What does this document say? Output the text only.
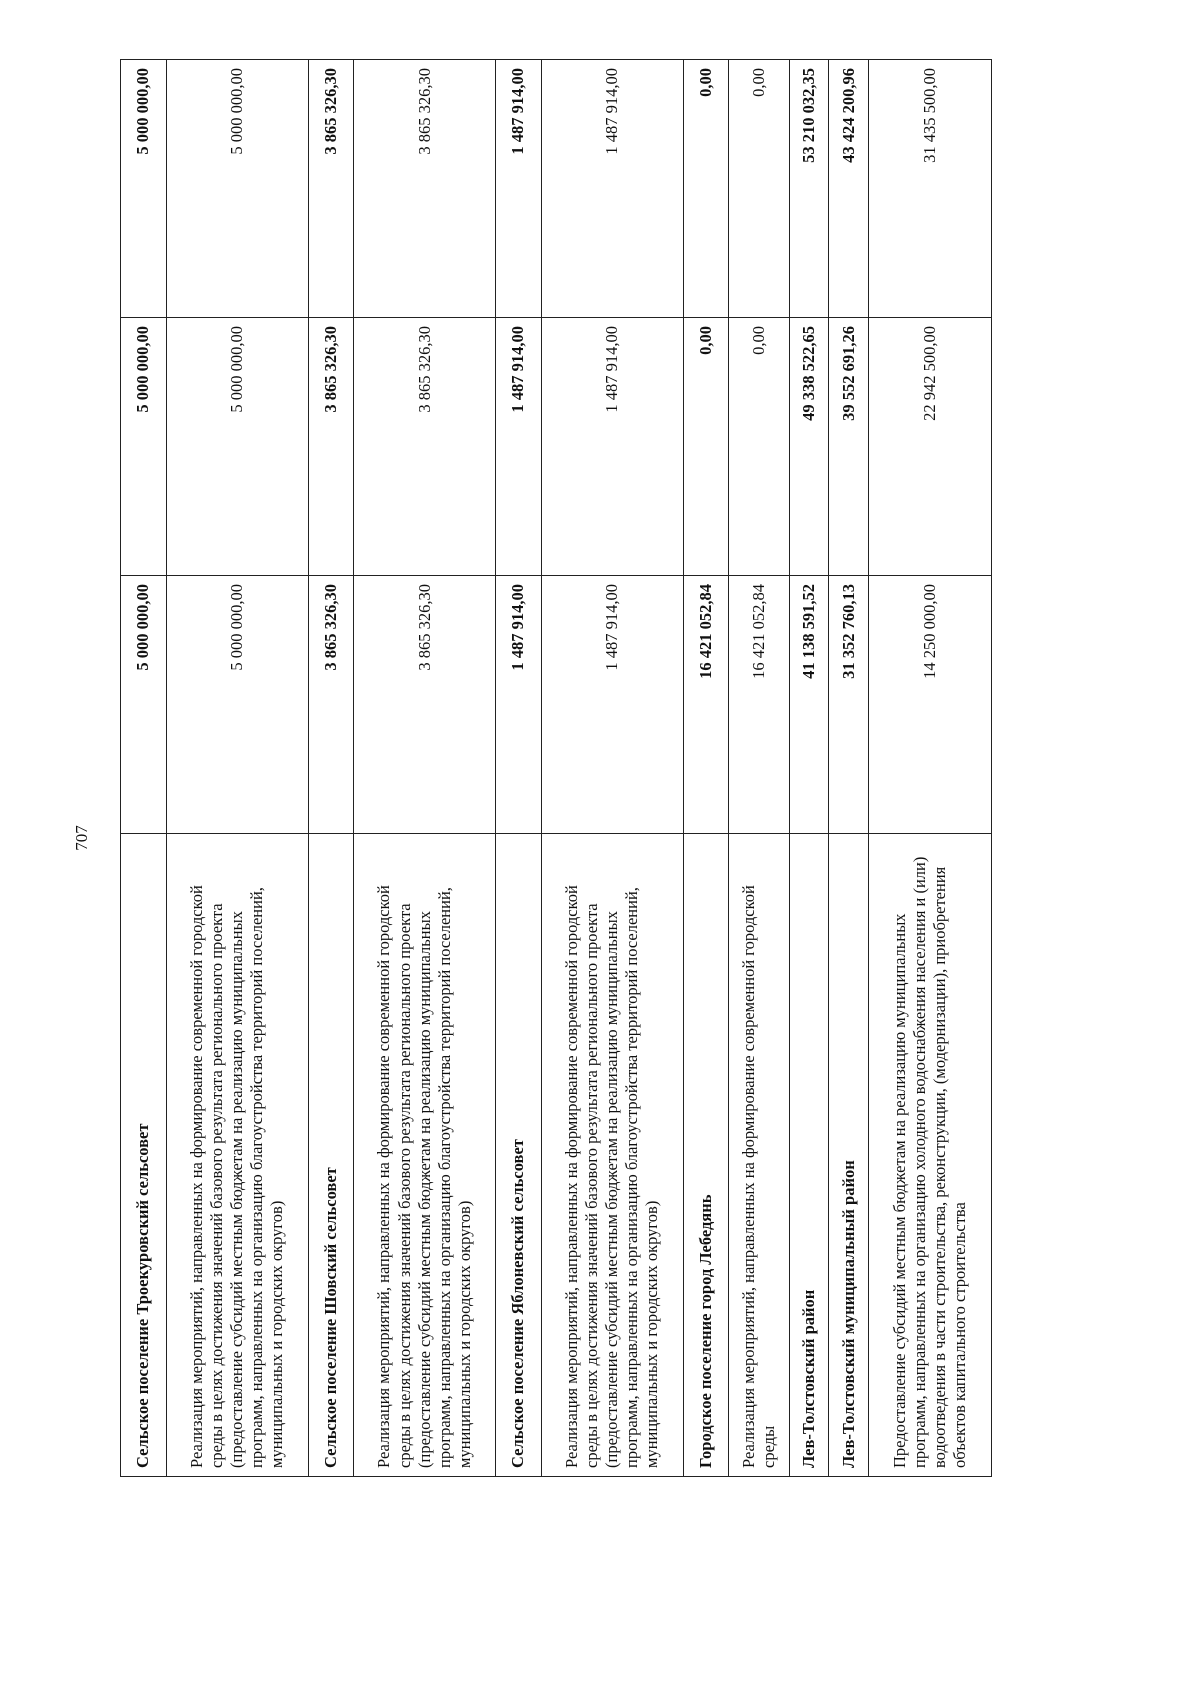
707
Сельское поселение Троекуровский сельсовет	5 000 000,00	5 000 000,00	5 000 000,00
Реализация мероприятий, направленных на формирование современной городской среды в целях достижения значений базового результата регионального проекта (предоставление субсидий местным бюджетам на реализацию муниципальных программ, направленных на организацию благоустройства территорий поселений, муниципальных и городских округов)	5 000 000,00	5 000 000,00	5 000 000,00
Сельское поселение Шовский сельсовет	3 865 326,30	3 865 326,30	3 865 326,30
Реализация мероприятий, направленных на формирование современной городской среды в целях достижения значений базового результата регионального проекта (предоставление субсидий местным бюджетам на реализацию муниципальных программ, направленных на организацию благоустройства территорий поселений, муниципальных и городских округов)	3 865 326,30	3 865 326,30	3 865 326,30
Сельское поселение Яблоневский сельсовет	1 487 914,00	1 487 914,00	1 487 914,00
Реализация мероприятий, направленных на формирование современной городской среды в целях достижения значений базового результата регионального проекта (предоставление субсидий местным бюджетам на реализацию муниципальных программ, направленных на организацию благоустройства территорий поселений, муниципальных и городских округов)	1 487 914,00	1 487 914,00	1 487 914,00
Городское поселение город Лебедянь	16 421 052,84	0,00	0,00
Реализация мероприятий, направленных на формирование современной городской среды	16 421 052,84	0,00	0,00
Лев-Толстовский район	41 138 591,52	49 338 522,65	53 210 032,35
Лев-Толстовский муниципальный район	31 352 760,13	39 552 691,26	43 424 200,96
Предоставление субсидий местным бюджетам на реализацию муниципальных программ, направленных на организацию холодного водоснабжения населения и (или) водоотведения в части строительства, реконструкции, (модернизации), приобретения объектов капитального строительства	14 250 000,00	22 942 500,00	31 435 500,00
